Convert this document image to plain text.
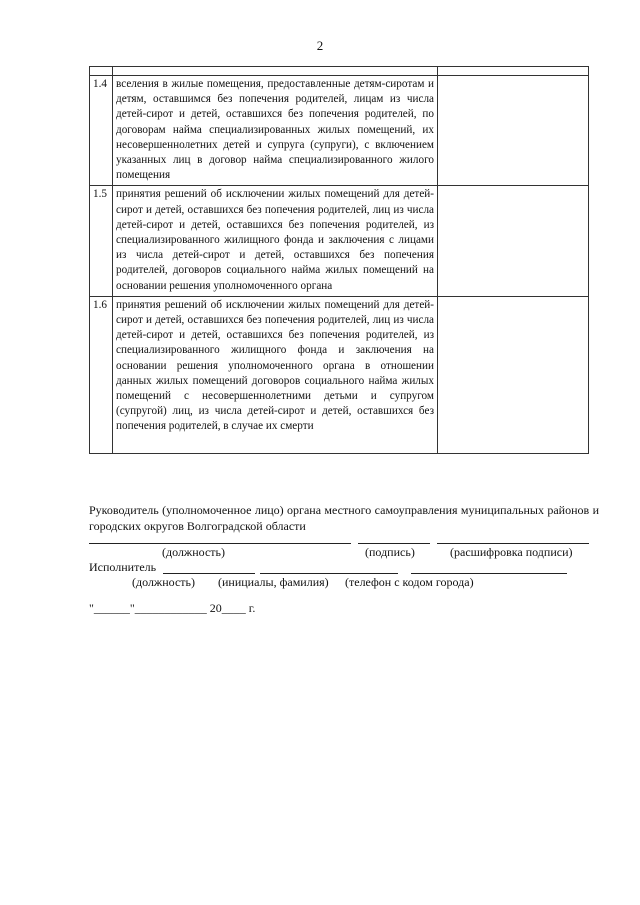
2

1.4	вселения в жилые помещения, предоставленные детям-сиротам и детям, оставшимся без попечения родителей, лицам из числа детей-сирот и детей, оставшихся без попечения родителей, по договорам найма специализированных жилых помещений, их несовершеннолетних детей и супруга (супруги), с включением указанных лиц в договор найма специализированного жилого помещения	
1.5	принятия решений об исключении жилых помещений для детей-сирот и детей, оставшихся без попечения родителей, лиц из числа детей-сирот и детей, оставшихся без попечения родителей, из специализированного жилищного фонда и заключения с лицами из числа детей-сирот и детей, оставшихся без попечения родителей, договоров социального найма жилых помещений на основании решения уполномоченного органа	
1.6	принятия решений об исключении жилых помещений для детей-сирот и детей, оставшихся без попечения родителей, лиц из числа детей-сирот и детей, оставшихся без попечения родителей, из специализированного жилищного фонда и заключения на основании решения уполномоченного органа в отношении данных жилых помещений договоров социального найма жилых помещений с несовершеннолетними детьми и супругом (супругой) лиц, из числа детей-сирот и детей, оставшихся без попечения родителей, в случае их смерти	
Руководитель (уполномоченное лицо) органа местного самоуправления муниципальных районов и городских округов Волгоградской области
(должность)	(подпись)	(расшифровка подписи)
Исполнитель
(должность) (инициалы, фамилия) (телефон с кодом города)
"______"____________ 20____ г.
